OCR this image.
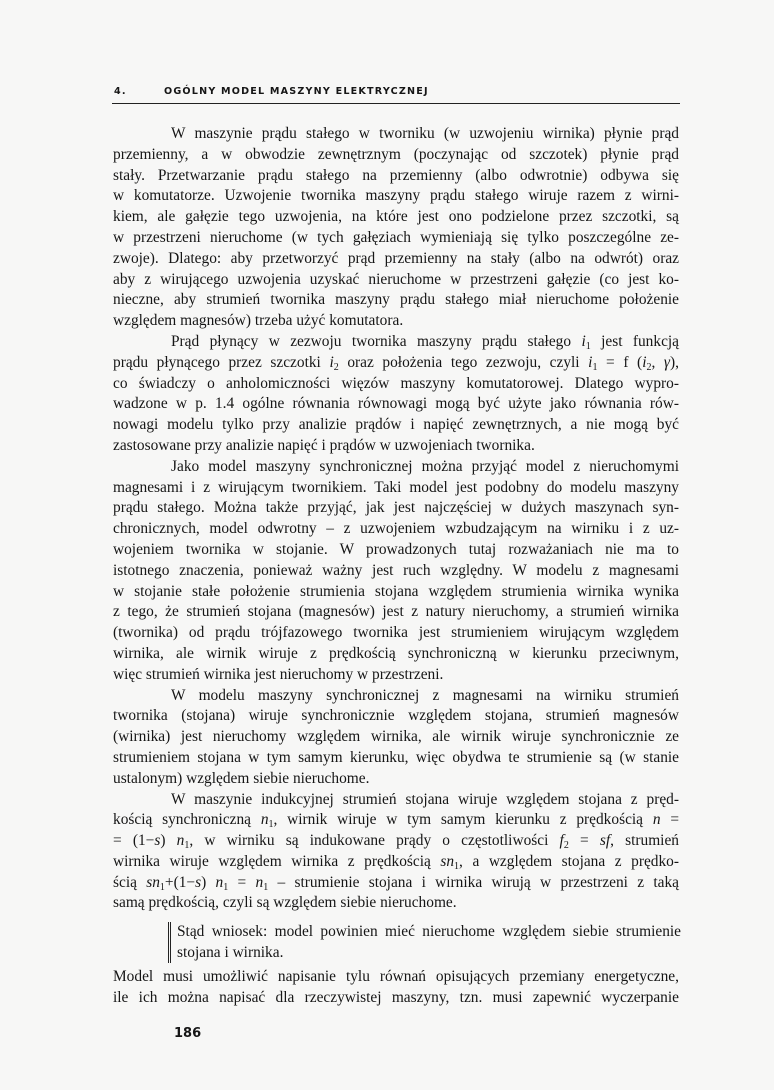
4.	OGÓLNY MODEL MASZYNY ELEKTRYCZNEJ
W maszynie prądu stałego w tworniku (w uzwojeniu wirnika) płynie prąd
przemienny, a w obwodzie zewnętrznym (poczynając od szczotek) płynie prąd
stały. Przetwarzanie prądu stałego na przemienny (albo odwrotnie) odbywa się
w komutatorze. Uzwojenie twornika maszyny prądu stałego wiruje razem z wirni-
kiem, ale gałęzie tego uzwojenia, na które jest ono podzielone przez szczotki, są
w przestrzeni nieruchome (w tych gałęziach wymieniają się tylko poszczególne ze-
zwoje). Dlatego: aby przetworzyć prąd przemienny na stały (albo na odwrót) oraz
aby z wirującego uzwojenia uzyskać nieruchome w przestrzeni gałęzie (co jest ko-
nieczne, aby strumień twornika maszyny prądu stałego miał nieruchome położenie
względem magnesów) trzeba użyć komutatora.
Prąd płynący w zezwoju twornika maszyny prądu stałego $i_1$ jest funkcją
prądu płynącego przez szczotki $i_2$ oraz położenia tego zezwoju, czyli $i_1 = f$ ($i_2$, γ),
co świadczy o anholomiczności więzów maszyny komutatorowej. Dlatego wypro-
wadzone w p. 1.4 ogólne równania równowagi mogą być użyte jako równania rów-
nowagi modelu tylko przy analizie prądów i napięć zewnętrznych, a nie mogą być
zastosowane przy analizie napięć i prądów w uzwojeniach twornika.
Jako model maszyny synchronicznej można przyjąć model z nieruchomymi
magnesami i z wirującym twornikiem. Taki model jest podobny do modelu maszyny
prądu stałego. Można także przyjąć, jak jest najczęściej w dużych maszynach syn-
chronicznych, model odwrotny – z uzwojeniem wzbudzającym na wirniku i z uz-
wojeniem twornika w stojanie. W prowadzonych tutaj rozważaniach nie ma to
istotnego znaczenia, ponieważ ważny jest ruch względny. W modelu z magnesami
w stojanie stałe położenie strumienia stojana względem strumienia wirnika wynika
z tego, że strumień stojana (magnesów) jest z natury nieruchomy, a strumień wirnika
(twornika) od prądu trójfazowego twornika jest strumieniem wirującym względem
wirnika, ale wirnik wiruje z prędkością synchroniczną w kierunku przeciwnym,
więc strumień wirnika jest nieruchomy w przestrzeni.
W modelu maszyny synchronicznej z magnesami na wirniku strumień
twornika (stojana) wiruje synchronicznie względem stojana, strumień magnesów
(wirnika) jest nieruchomy względem wirnika, ale wirnik wiruje synchronicznie ze
strumieniem stojana w tym samym kierunku, więc obydwa te strumienie są (w stanie
ustalonym) względem siebie nieruchome.
W maszynie indukcyjnej strumień stojana wiruje względem stojana z pręd-
kością synchroniczną $n_1$, wirnik wiruje w tym samym kierunku z prędkością n =
= (1−s) $n_1$, w wirniku są indukowane prądy o częstotliwości $f_2$ = sf, strumień
wirnika wiruje względem wirnika z prędkością $sn_1$, a względem stojana z prędko-
ścią $sn_1+(1-s) n_1 = n_1$ – strumienie stojana i wirnika wirują w przestrzeni z taką
samą prędkością, czyli są względem siebie nieruchome.
Stąd wniosek: model powinien mieć nieruchome względem siebie strumienie
stojana i wirnika.
Model musi umożliwić napisanie tylu równań opisujących przemiany energetyczne,
ile ich można napisać dla rzeczywistej maszyny, tzn. musi zapewnić wyczerpanie
186
